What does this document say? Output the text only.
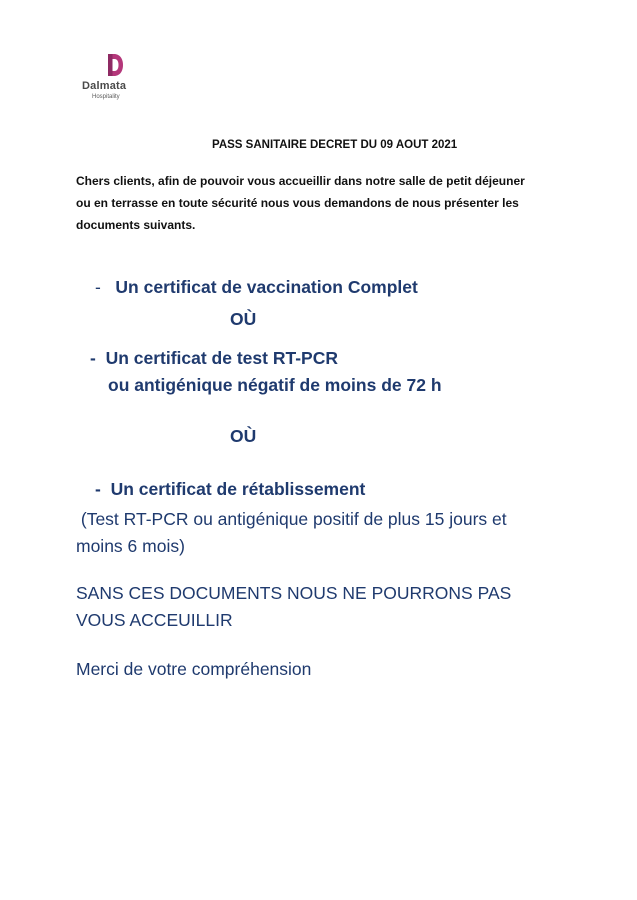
Dalmata
Hospitality
PASS SANITAIRE DECRET DU 09 AOUT 2021
Chers clients, afin de pouvoir vous accueillir dans notre salle de petit déjeuner
ou en terrasse en toute sécurité nous vous demandons de nous présenter les
documents suivants.
- Un certificat de vaccination Complet
OÙ
- Un certificat de test RT-PCR
ou antigénique négatif de moins de 72 h
OÙ
- Un certificat de rétablissement
(Test RT-PCR ou antigénique positif de plus 15 jours et
moins 6 mois)
SANS CES DOCUMENTS NOUS NE POURRONS PAS
VOUS ACCEUILLIR
Merci de votre compréhension
